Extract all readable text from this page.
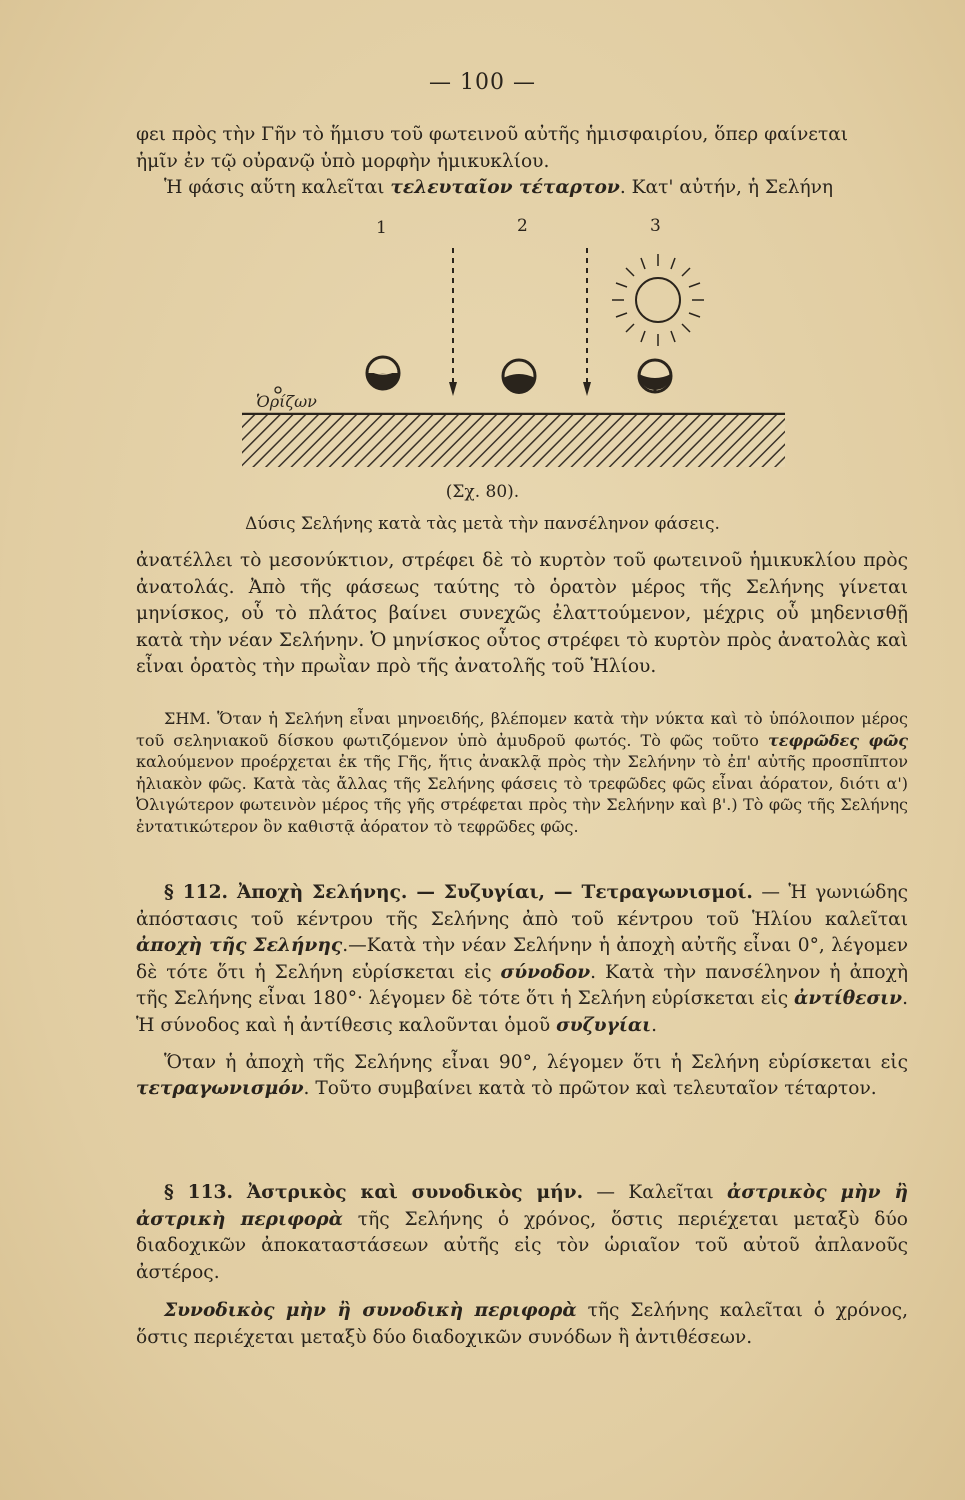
— 100 —

φει πρὸς τὴν Γῆν τὸ ἥμισυ τοῦ φωτεινοῦ αὐτῆς ἡμισφαιρίου, ὅπερ φαίνεται

ἡμῖν ἐν τῷ οὐρανῷ ὑπὸ μορφὴν ἡμικυκλίου.

Ἡ φάσις αὕτη καλεῖται τελευταῖον τέταρτον. Κατ' αὐτήν, ἡ Σελήνη

1	2	3
Ὁρίζων
(Σχ. 80).
Δύσις Σελήνης κατὰ τὰς μετὰ τὴν πανσέληνον φάσεις.

ἀνατέλλει τὸ μεσονύκτιον, στρέφει δὲ τὸ κυρτὸν τοῦ φωτεινοῦ ἡμικυκλίου πρὸς ἀνατολάς. Ἀπὸ τῆς φάσεως ταύτης τὸ ὁρατὸν μέρος τῆς Σελήνης γίνεται μηνίσκος, οὗ τὸ πλάτος βαίνει συνεχῶς ἐλαττούμενον, μέχρις οὗ μηδενισθῇ κατὰ τὴν νέαν Σελήνην. Ὁ μηνίσκος οὗτος στρέφει τὸ κυρτὸν πρὸς ἀνατολὰς καὶ εἶναι ὁρατὸς τὴν πρωῒαν πρὸ τῆς ἀνατολῆς τοῦ Ἡλίου.

ΣΗΜ. Ὅταν ἡ Σελήνη εἶναι μηνοειδής, βλέπομεν κατὰ τὴν νύκτα καὶ τὸ ὑπόλοιπον μέρος τοῦ σεληνιακοῦ δίσκου φωτιζόμενον ὑπὸ ἀμυδροῦ φωτός. Τὸ φῶς τοῦτο τεφρῶδες φῶς καλούμενον προέρχεται ἐκ τῆς Γῆς, ἥτις ἀνακλᾷ πρὸς τὴν Σελήνην τὸ ἐπ' αὐτῆς προσπῖπτον ἡλιακὸν φῶς. Κατὰ τὰς ἄλλας τῆς Σελήνης φάσεις τὸ τρεφῶδες φῶς εἶναι ἀόρατον, διότι α') Ὀλιγώτερον φωτεινὸν μέρος τῆς γῆς στρέφεται πρὸς τὴν Σελήνην καὶ β'.) Τὸ φῶς τῆς Σελήνης ἐντατικώτερον ὂν καθιστᾷ ἀόρατον τὸ τεφρῶδες φῶς.

§ 112. Ἀποχὴ Σελήνης. — Συζυγίαι, — Τετραγωνισμοί. — Ἡ γωνιώδης ἀπόστασις τοῦ κέντρου τῆς Σελήνης ἀπὸ τοῦ κέντρου τοῦ Ἡλίου καλεῖται ἀποχὴ τῆς Σελήνης.—Κατὰ τὴν νέαν Σελήνην ἡ ἀποχὴ αὐτῆς εἶναι 0°, λέγομεν δὲ τότε ὅτι ἡ Σελήνη εὑρίσκεται εἰς σύνοδον. Κατὰ τὴν πανσέληνον ἡ ἀποχὴ τῆς Σελήνης εἶναι 180°· λέγομεν δὲ τότε ὅτι ἡ Σελήνη εὑρίσκεται εἰς ἀντίθεσιν. Ἡ σύνοδος καὶ ἡ ἀντίθεσις καλοῦνται ὁμοῦ συζυγίαι.

Ὅταν ἡ ἀποχὴ τῆς Σελήνης εἶναι 90°, λέγομεν ὅτι ἡ Σελήνη εὑρίσκεται εἰς τετραγωνισμόν. Τοῦτο συμβαίνει κατὰ τὸ πρῶτον καὶ τελευταῖον τέταρτον.

§ 113. Ἀστρικὸς καὶ συνοδικὸς μήν. — Καλεῖται ἀστρικὸς μὴν ἢ ἀστρικὴ περιφορὰ τῆς Σελήνης ὁ χρόνος, ὅστις περιέχεται μεταξὺ δύο διαδοχικῶν ἀποκαταστάσεων αὐτῆς εἰς τὸν ὡριαῖον τοῦ αὐτοῦ ἀπλανοῦς ἀστέρος.

Συνοδικὸς μὴν ἢ συνοδικὴ περιφορὰ τῆς Σελήνης καλεῖται ὁ χρόνος, ὅστις περιέχεται μεταξὺ δύο διαδοχικῶν συνόδων ἢ ἀντιθέσεων.
